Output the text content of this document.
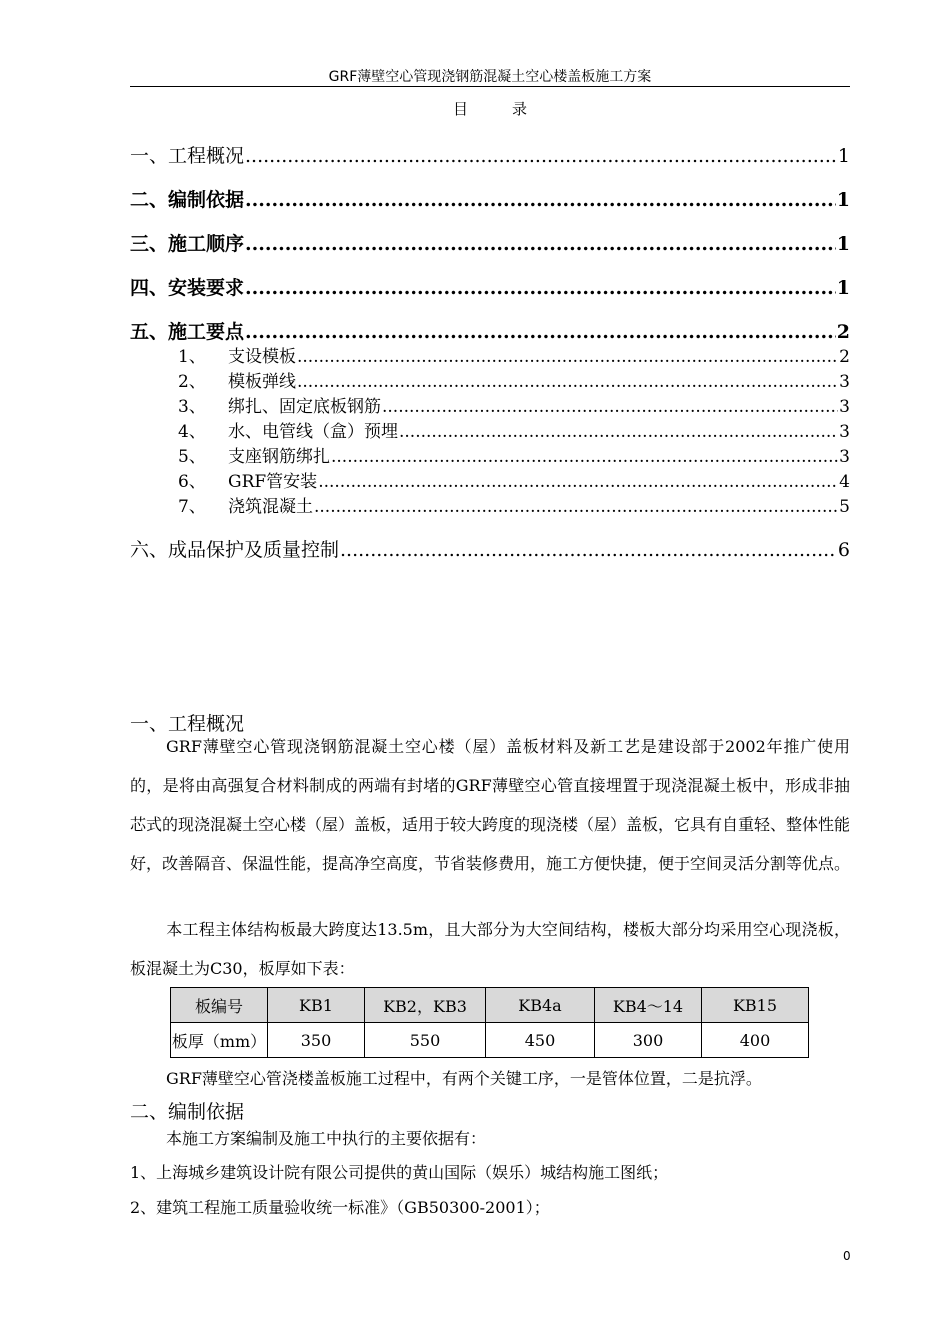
GRF薄壁空心管现浇钢筋混凝土空心楼盖板施工方案
目	录
一、工程概况 .....	1
二、编制依据 .....	1
三、施工顺序 .....	1
四、安装要求 .....	1
五、施工要点 .....	2
1、 支设模板 .....	2
2、 模板弹线 .....	3
3、 绑扎、固定底板钢筋 .....	3
4、 水、电管线（盒）预埋 .....	3
5、 支座钢筋绑扎 .....	3
6、 GRF管安装 .....	4
7、 浇筑混凝土 .....	5
六、成品保护及质量控制 .....	6
一、工程概况
GRF薄壁空心管现浇钢筋混凝土空心楼（屋）盖板材料及新工艺是建设部于2002年推广使用的，是将由高强复合材料制成的两端有封堵的GRF薄壁空心管直接埋置于现浇混凝土板中，形成非抽芯式的现浇混凝土空心楼（屋）盖板，适用于较大跨度的现浇楼（屋）盖板，它具有自重轻、整体性能好，改善隔音、保温性能，提高净空高度，节省装修费用，施工方便快捷，便于空间灵活分割等优点。
本工程主体结构板最大跨度达13.5m，且大部分为大空间结构，楼板大部分均采用空心现浇板，板混凝土为C30，板厚如下表：
板编号	KB1	KB2，KB3	KB4a	KB4～14	KB15
板厚（mm）	350	550	450	300	400
GRF薄壁空心管浇楼盖板施工过程中，有两个关键工序，一是管体位置，二是抗浮。
二、编制依据
本施工方案编制及施工中执行的主要依据有：
1、上海城乡建筑设计院有限公司提供的黄山国际（娱乐）城结构施工图纸；
2、建筑工程施工质量验收统一标准》（GB50300-2001）；
0
